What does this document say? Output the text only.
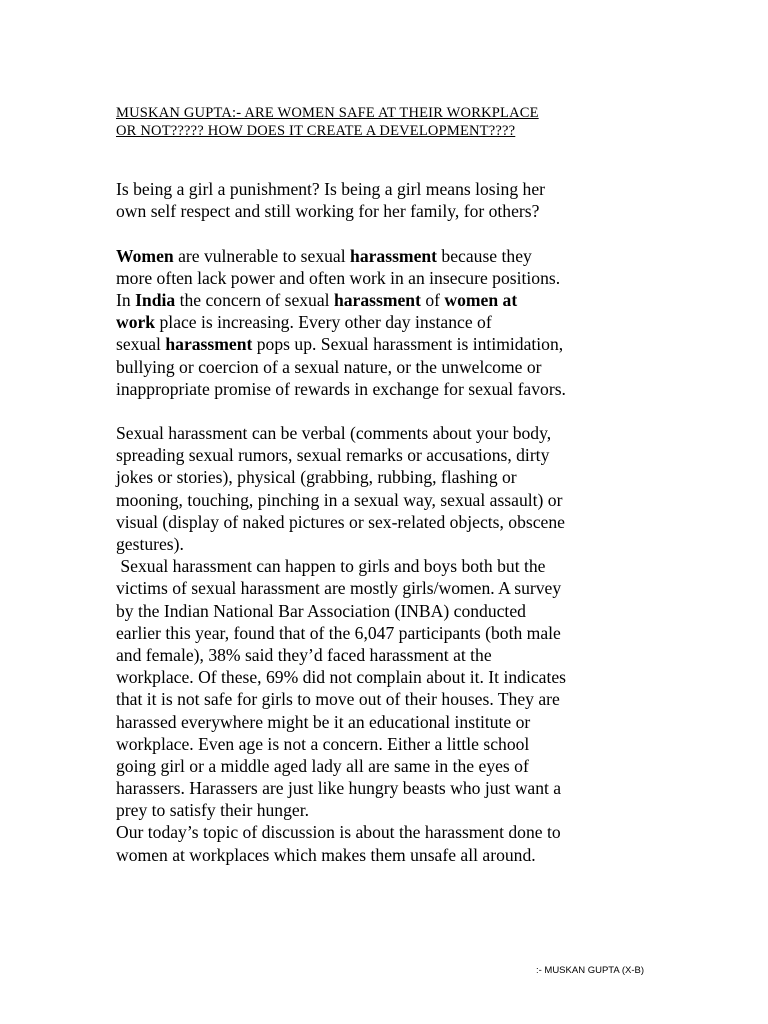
MUSKAN GUPTA:- ARE WOMEN SAFE AT THEIR WORKPLACE
OR NOT????? HOW DOES IT CREATE A DEVELOPMENT????
Is being a girl a punishment? Is being a girl means losing her
own self respect and still working for her family, for others?
Women are vulnerable to sexual harassment because they
more often lack power and often work in an insecure positions.
In India the concern of sexual harassment of women at
work place is increasing. Every other day instance of
sexual harassment pops up. Sexual harassment is intimidation,
bullying or coercion of a sexual nature, or the unwelcome or
inappropriate promise of rewards in exchange for sexual favors.
Sexual harassment can be verbal (comments about your body,
spreading sexual rumors, sexual remarks or accusations, dirty
jokes or stories), physical (grabbing, rubbing, flashing or
mooning, touching, pinching in a sexual way, sexual assault) or
visual (display of naked pictures or sex-related objects, obscene
gestures).
Sexual harassment can happen to girls and boys both but the
victims of sexual harassment are mostly girls/women. A survey
by the Indian National Bar Association (INBA) conducted
earlier this year, found that of the 6,047 participants (both male
and female), 38% said they’d faced harassment at the
workplace. Of these, 69% did not complain about it. It indicates
that it is not safe for girls to move out of their houses. They are
harassed everywhere might be it an educational institute or
workplace. Even age is not a concern. Either a little school
going girl or a middle aged lady all are same in the eyes of
harassers. Harassers are just like hungry beasts who just want a
prey to satisfy their hunger.
Our today’s topic of discussion is about the harassment done to
women at workplaces which makes them unsafe all around.
:- MUSKAN GUPTA (X-B)
